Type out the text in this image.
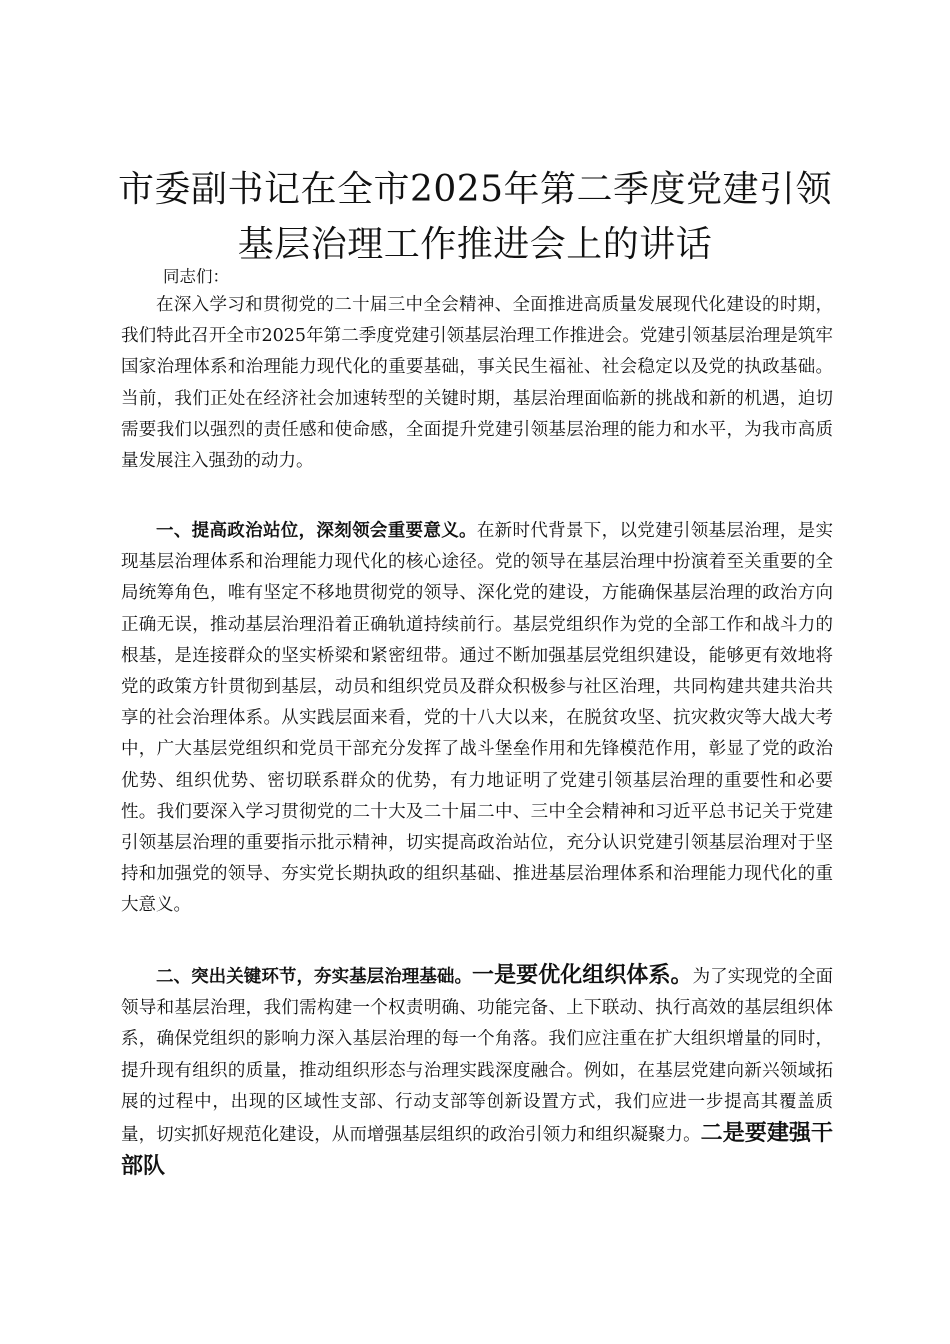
市委副书记在全市2025年第二季度党建引领
基层治理工作推进会上的讲话

同志们：

在深入学习和贯彻党的二十届三中全会精神、全面推进高质量发展现代化建设的时期，我们特此召开全市2025年第二季度党建引领基层治理工作推进会。党建引领基层治理是筑牢国家治理体系和治理能力现代化的重要基础，事关民生福祉、社会稳定以及党的执政基础。当前，我们正处在经济社会加速转型的关键时期，基层治理面临新的挑战和新的机遇，迫切需要我们以强烈的责任感和使命感，全面提升党建引领基层治理的能力和水平，为我市高质量发展注入强劲的动力。

一、提高政治站位，深刻领会重要意义。在新时代背景下，以党建引领基层治理，是实现基层治理体系和治理能力现代化的核心途径。党的领导在基层治理中扮演着至关重要的全局统筹角色，唯有坚定不移地贯彻党的领导、深化党的建设，方能确保基层治理的政治方向正确无误，推动基层治理沿着正确轨道持续前行。基层党组织作为党的全部工作和战斗力的根基，是连接群众的坚实桥梁和紧密纽带。通过不断加强基层党组织建设，能够更有效地将党的政策方针贯彻到基层，动员和组织党员及群众积极参与社区治理，共同构建共建共治共享的社会治理体系。从实践层面来看，党的十八大以来，在脱贫攻坚、抗灾救灾等大战大考中，广大基层党组织和党员干部充分发挥了战斗堡垒作用和先锋模范作用，彰显了党的政治优势、组织优势、密切联系群众的优势，有力地证明了党建引领基层治理的重要性和必要性。我们要深入学习贯彻党的二十大及二十届二中、三中全会精神和习近平总书记关于党建引领基层治理的重要指示批示精神，切实提高政治站位，充分认识党建引领基层治理对于坚持和加强党的领导、夯实党长期执政的组织基础、推进基层治理体系和治理能力现代化的重大意义。

二、突出关键环节，夯实基层治理基础。一是要优化组织体系。为了实现党的全面领导和基层治理，我们需构建一个权责明确、功能完备、上下联动、执行高效的基层组织体系，确保党组织的影响力深入基层治理的每一个角落。我们应注重在扩大组织增量的同时，提升现有组织的质量，推动组织形态与治理实践深度融合。例如，在基层党建向新兴领域拓展的过程中，出现的区域性支部、行动支部等创新设置方式，我们应进一步提高其覆盖质量，切实抓好规范化建设，从而增强基层组织的政治引领力和组织凝聚力。二是要建强干部队
